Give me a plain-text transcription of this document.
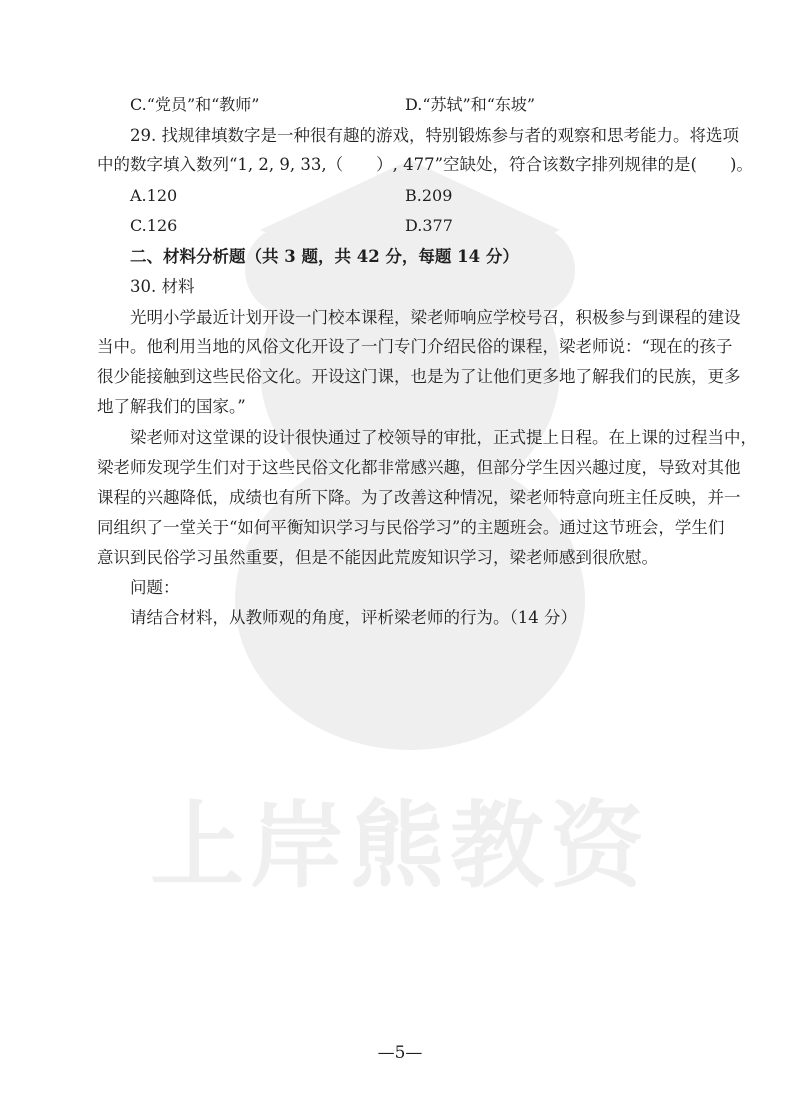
上岸熊教资
C.“党员”和“教师”	D.“苏轼”和“东坡”
29. 找规律填数字是一种很有趣的游戏，特别锻炼参与者的观察和思考能力。将选项
中的数字填入数列“1, 2, 9, 33,（　　）, 477”空缺处，符合该数字排列规律的是(　　)。
A.120	B.209
C.126	D.377
二、材料分析题（共 3 题，共 42 分，每题 14 分）
30. 材料
光明小学最近计划开设一门校本课程，梁老师响应学校号召，积极参与到课程的建设
当中。他利用当地的风俗文化开设了一门专门介绍民俗的课程，梁老师说：“现在的孩子
很少能接触到这些民俗文化。开设这门课，也是为了让他们更多地了解我们的民族，更多
地了解我们的国家。”
梁老师对这堂课的设计很快通过了校领导的审批，正式提上日程。在上课的过程当中，
梁老师发现学生们对于这些民俗文化都非常感兴趣，但部分学生因兴趣过度，导致对其他
课程的兴趣降低，成绩也有所下降。为了改善这种情况，梁老师特意向班主任反映，并一
同组织了一堂关于“如何平衡知识学习与民俗学习”的主题班会。通过这节班会，学生们
意识到民俗学习虽然重要，但是不能因此荒废知识学习，梁老师感到很欣慰。
问题：
请结合材料，从教师观的角度，评析梁老师的行为。（14 分）
—5—
